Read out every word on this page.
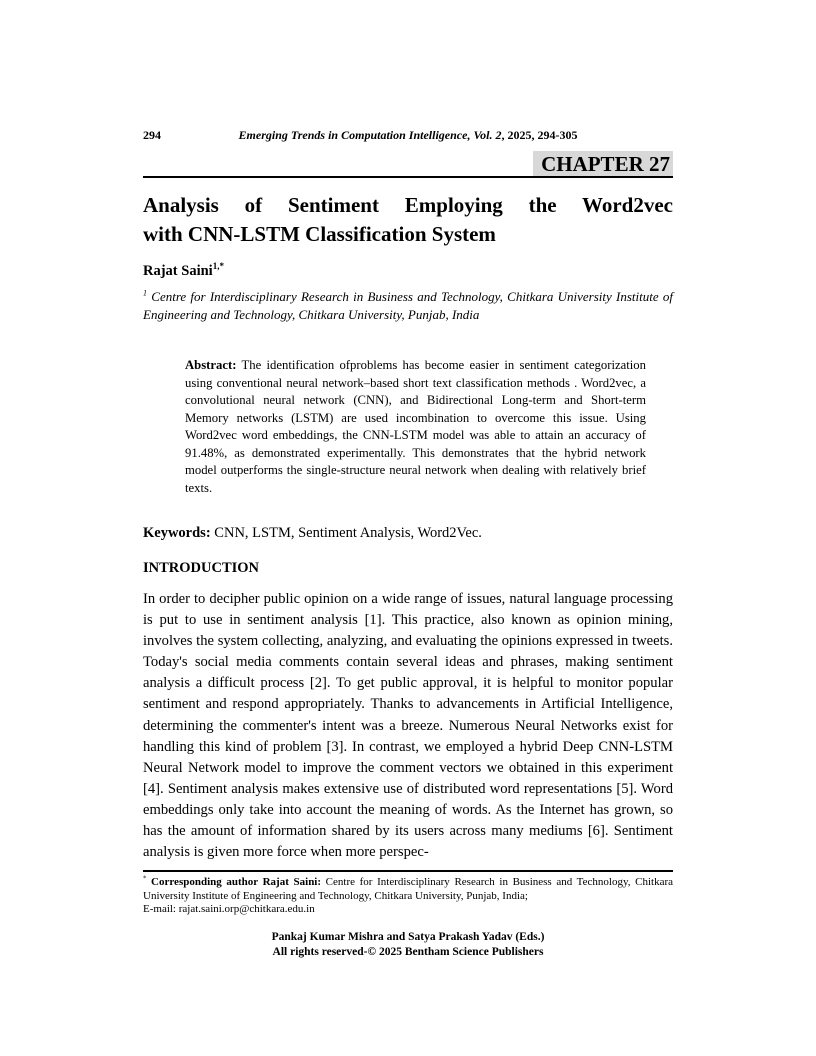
294	Emerging Trends in Computation Intelligence, Vol. 2, 2025, 294-305
CHAPTER 27
Analysis of Sentiment Employing the Word2vec
with CNN-LSTM Classification System
Rajat Saini$^{1,*}$
$^1$ Centre for Interdisciplinary Research in Business and Technology, Chitkara University Institute of Engineering and Technology, Chitkara University, Punjab, India
Abstract: The identification ofproblems has become easier in sentiment categorization using conventional neural network–based short text classification methods . Word2vec, a convolutional neural network (CNN), and Bidirectional Long-term and Short-term Memory networks (LSTM) are used incombination to overcome this issue. Using Word2vec word embeddings, the CNN-LSTM model was able to attain an accuracy of 91.48%, as demonstrated experimentally. This demonstrates that the hybrid network model outperforms the single-structure neural network when dealing with relatively brief texts.
Keywords: CNN, LSTM, Sentiment Analysis, Word2Vec.
INTRODUCTION
In order to decipher public opinion on a wide range of issues, natural language processing is put to use in sentiment analysis [1]. This practice, also known as opinion mining, involves the system collecting, analyzing, and evaluating the opinions expressed in tweets. Today's social media comments contain several ideas and phrases, making sentiment analysis a difficult process [2]. To get public approval, it is helpful to monitor popular sentiment and respond appropriately. Thanks to advancements in Artificial Intelligence, determining the commenter's intent was a breeze. Numerous Neural Networks exist for handling this kind of problem [3]. In contrast, we employed a hybrid Deep CNN-LSTM Neural Network model to improve the comment vectors we obtained in this experiment [4]. Sentiment analysis makes extensive use of distributed word representations [5]. Word embeddings only take into account the meaning of words. As the Internet has grown, so has the amount of information shared by its users across many mediums [6]. Sentiment analysis is given more force when more perspec-
* Corresponding author Rajat Saini: Centre for Interdisciplinary Research in Business and Technology, Chitkara University Institute of Engineering and Technology, Chitkara University, Punjab, India;
E-mail: rajat.saini.orp@chitkara.edu.in
Pankaj Kumar Mishra and Satya Prakash Yadav (Eds.)
All rights reserved-© 2025 Bentham Science Publishers
